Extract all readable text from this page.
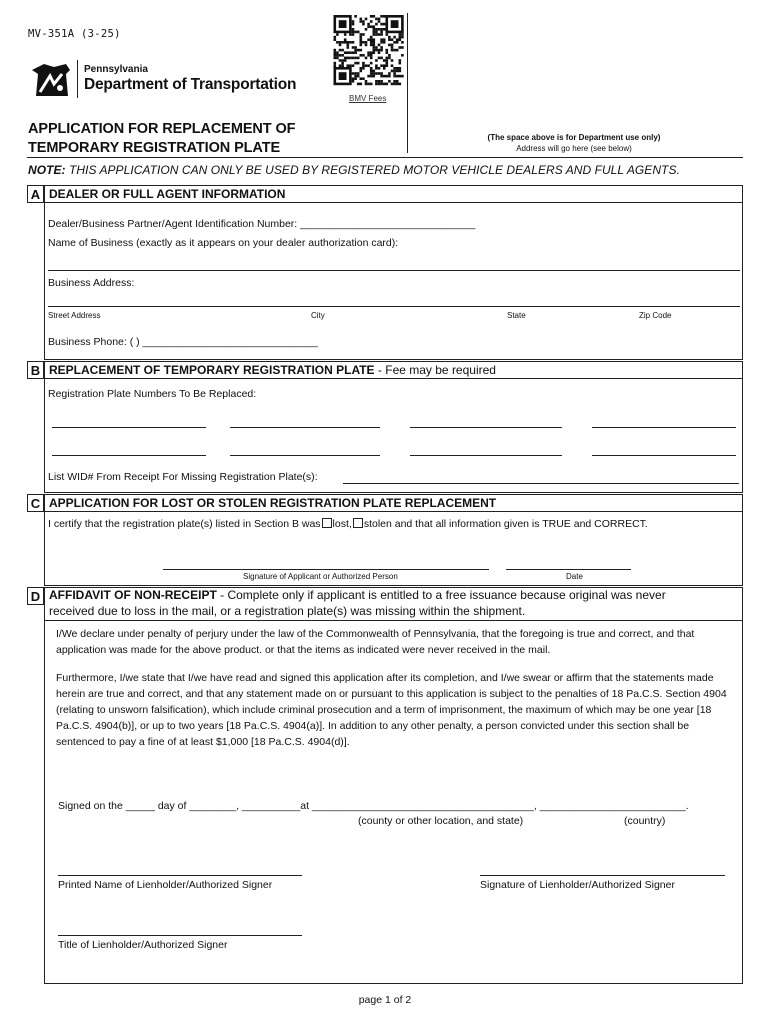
MV-351A (3-25)
BMV Fees
Pennsylvania
Department of Transportation
APPLICATION FOR REPLACEMENT OF
TEMPORARY REGISTRATION PLATE
(The space above is for Department use only)
Address will go here (see below)
NOTE: THIS APPLICATION CAN ONLY BE USED BY REGISTERED MOTOR VEHICLE DEALERS AND FULL AGENTS.
A DEALER OR FULL AGENT INFORMATION
Dealer/Business Partner/Agent Identification Number: ______________________________
Name of Business (exactly as it appears on your dealer authorization card):
Business Address:
Street Address	City	State	Zip Code
Business Phone: ( ) ______________________________
B REPLACEMENT OF TEMPORARY REGISTRATION PLATE - Fee may be required
Registration Plate Numbers To Be Replaced:
List WID# From Receipt For Missing Registration Plate(s):
C APPLICATION FOR LOST OR STOLEN REGISTRATION PLATE REPLACEMENT
I certify that the registration plate(s) listed in Section B was lost, stolen and that all information given is TRUE and CORRECT.
Signature of Applicant or Authorized Person	Date
D AFFIDAVIT OF NON-RECEIPT - Complete only if applicant is entitled to a free issuance because original was never
received due to loss in the mail, or a registration plate(s) was missing within the shipment.
I/We declare under penalty of perjury under the law of the Commonwealth of Pennsylvania, that the foregoing is true and correct, and that application was made for the above product. or that the items as indicated were never received in the mail.
Furthermore, I/we state that I/we have read and signed this application after its completion, and I/we swear or affirm that the statements made herein are true and correct, and that any statement made on or pursuant to this application is subject to the penalties of 18 Pa.C.S. Section 4904 (relating to unsworn falsification), which include criminal prosecution and a term of imprisonment, the maximum of which may be one year [18 Pa.C.S. 4904(b)], or up to two years [18 Pa.C.S. 4904(a)]. In addition to any other penalty, a person convicted under this section shall be sentenced to pay a fine of at least $1,000 [18 Pa.C.S. 4904(d)].
Signed on the _____ day of ________, __________at ______________________________________, _________________________.
(county or other location, and state)	(country)
Printed Name of Lienholder/Authorized Signer	Signature of Lienholder/Authorized Signer
Title of Lienholder/Authorized Signer
page 1 of 2
